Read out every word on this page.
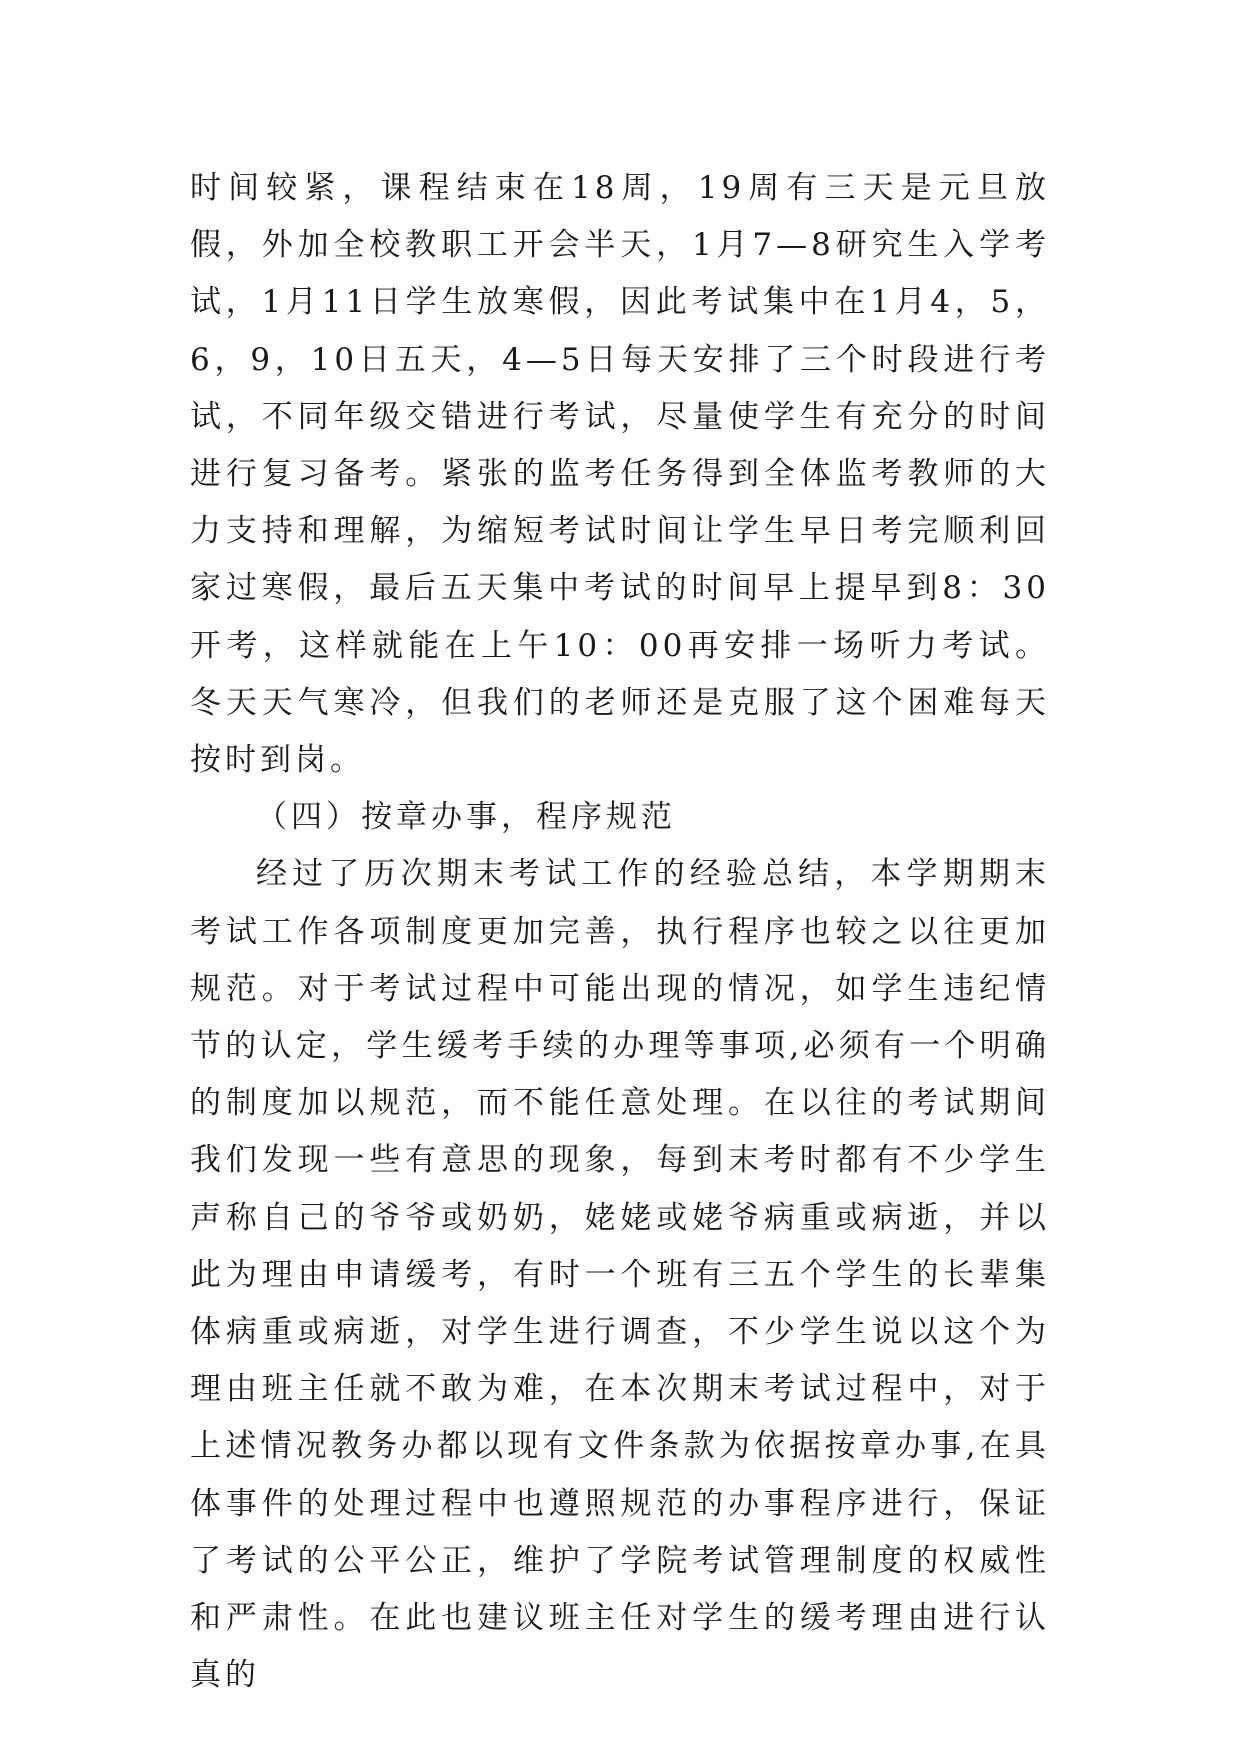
时间较紧，课程结束在18周，19周有三天是元旦放假，外加全校教职工开会半天，1月7—8研究生入学考试，1月11日学生放寒假，因此考试集中在1月4，5，6，9，10日五天，4—5日每天安排了三个时段进行考试，不同年级交错进行考试，尽量使学生有充分的时间进行复习备考。紧张的监考任务得到全体监考教师的大力支持和理解，为缩短考试时间让学生早日考完顺利回家过寒假，最后五天集中考试的时间早上提早到8：30开考，这样就能在上午10：00再安排一场听力考试。冬天天气寒冷，但我们的老师还是克服了这个困难每天按时到岗。

（四）按章办事，程序规范

经过了历次期末考试工作的经验总结，本学期期末考试工作各项制度更加完善，执行程序也较之以往更加规范。对于考试过程中可能出现的情况，如学生违纪情节的认定，学生缓考手续的办理等事项,必须有一个明确的制度加以规范，而不能任意处理。在以往的考试期间我们发现一些有意思的现象，每到末考时都有不少学生声称自己的爷爷或奶奶，姥姥或姥爷病重或病逝，并以此为理由申请缓考，有时一个班有三五个学生的长辈集体病重或病逝，对学生进行调查，不少学生说以这个为理由班主任就不敢为难，在本次期末考试过程中，对于上述情况教务办都以现有文件条款为依据按章办事,在具体事件的处理过程中也遵照规范的办事程序进行，保证了考试的公平公正，维护了学院考试管理制度的权威性和严肃性。在此也建议班主任对学生的缓考理由进行认真的
